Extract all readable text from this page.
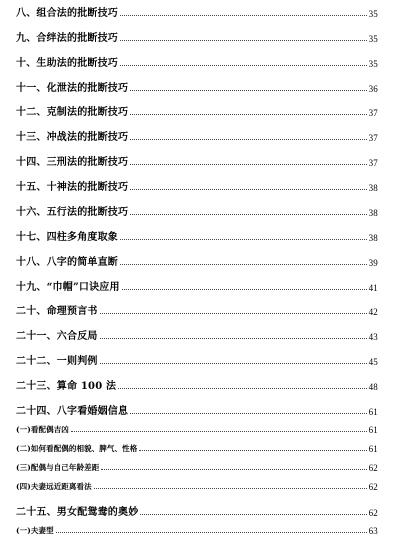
八、组合法的批断技巧	35
九、合绊法的批断技巧	35
十、生助法的批断技巧	35
十一、化泄法的批断技巧	36
十二、克制法的批断技巧	37
十三、冲战法的批断技巧	37
十四、三刑法的批断技巧	37
十五、十神法的批断技巧	38
十六、五行法的批断技巧	38
十七、四柱多角度取象	38
十八、八字的简单直断	39
十九、“巾帽”口诀应用	41
二十、命理预言书	42
二十一、六合反局	43
二十二、一则判例	45
二十三、算命 100 法	48
二十四、八字看婚姻信息	61
(一)看配偶吉凶	61
(二)如何看配偶的相貌、脾气、性格	61
(三)配偶与自己年龄差距	62
(四)夫妻远近距离看法	62
二十五、男女配鸳鸯的奥妙	62
(一)夫妻型	63
